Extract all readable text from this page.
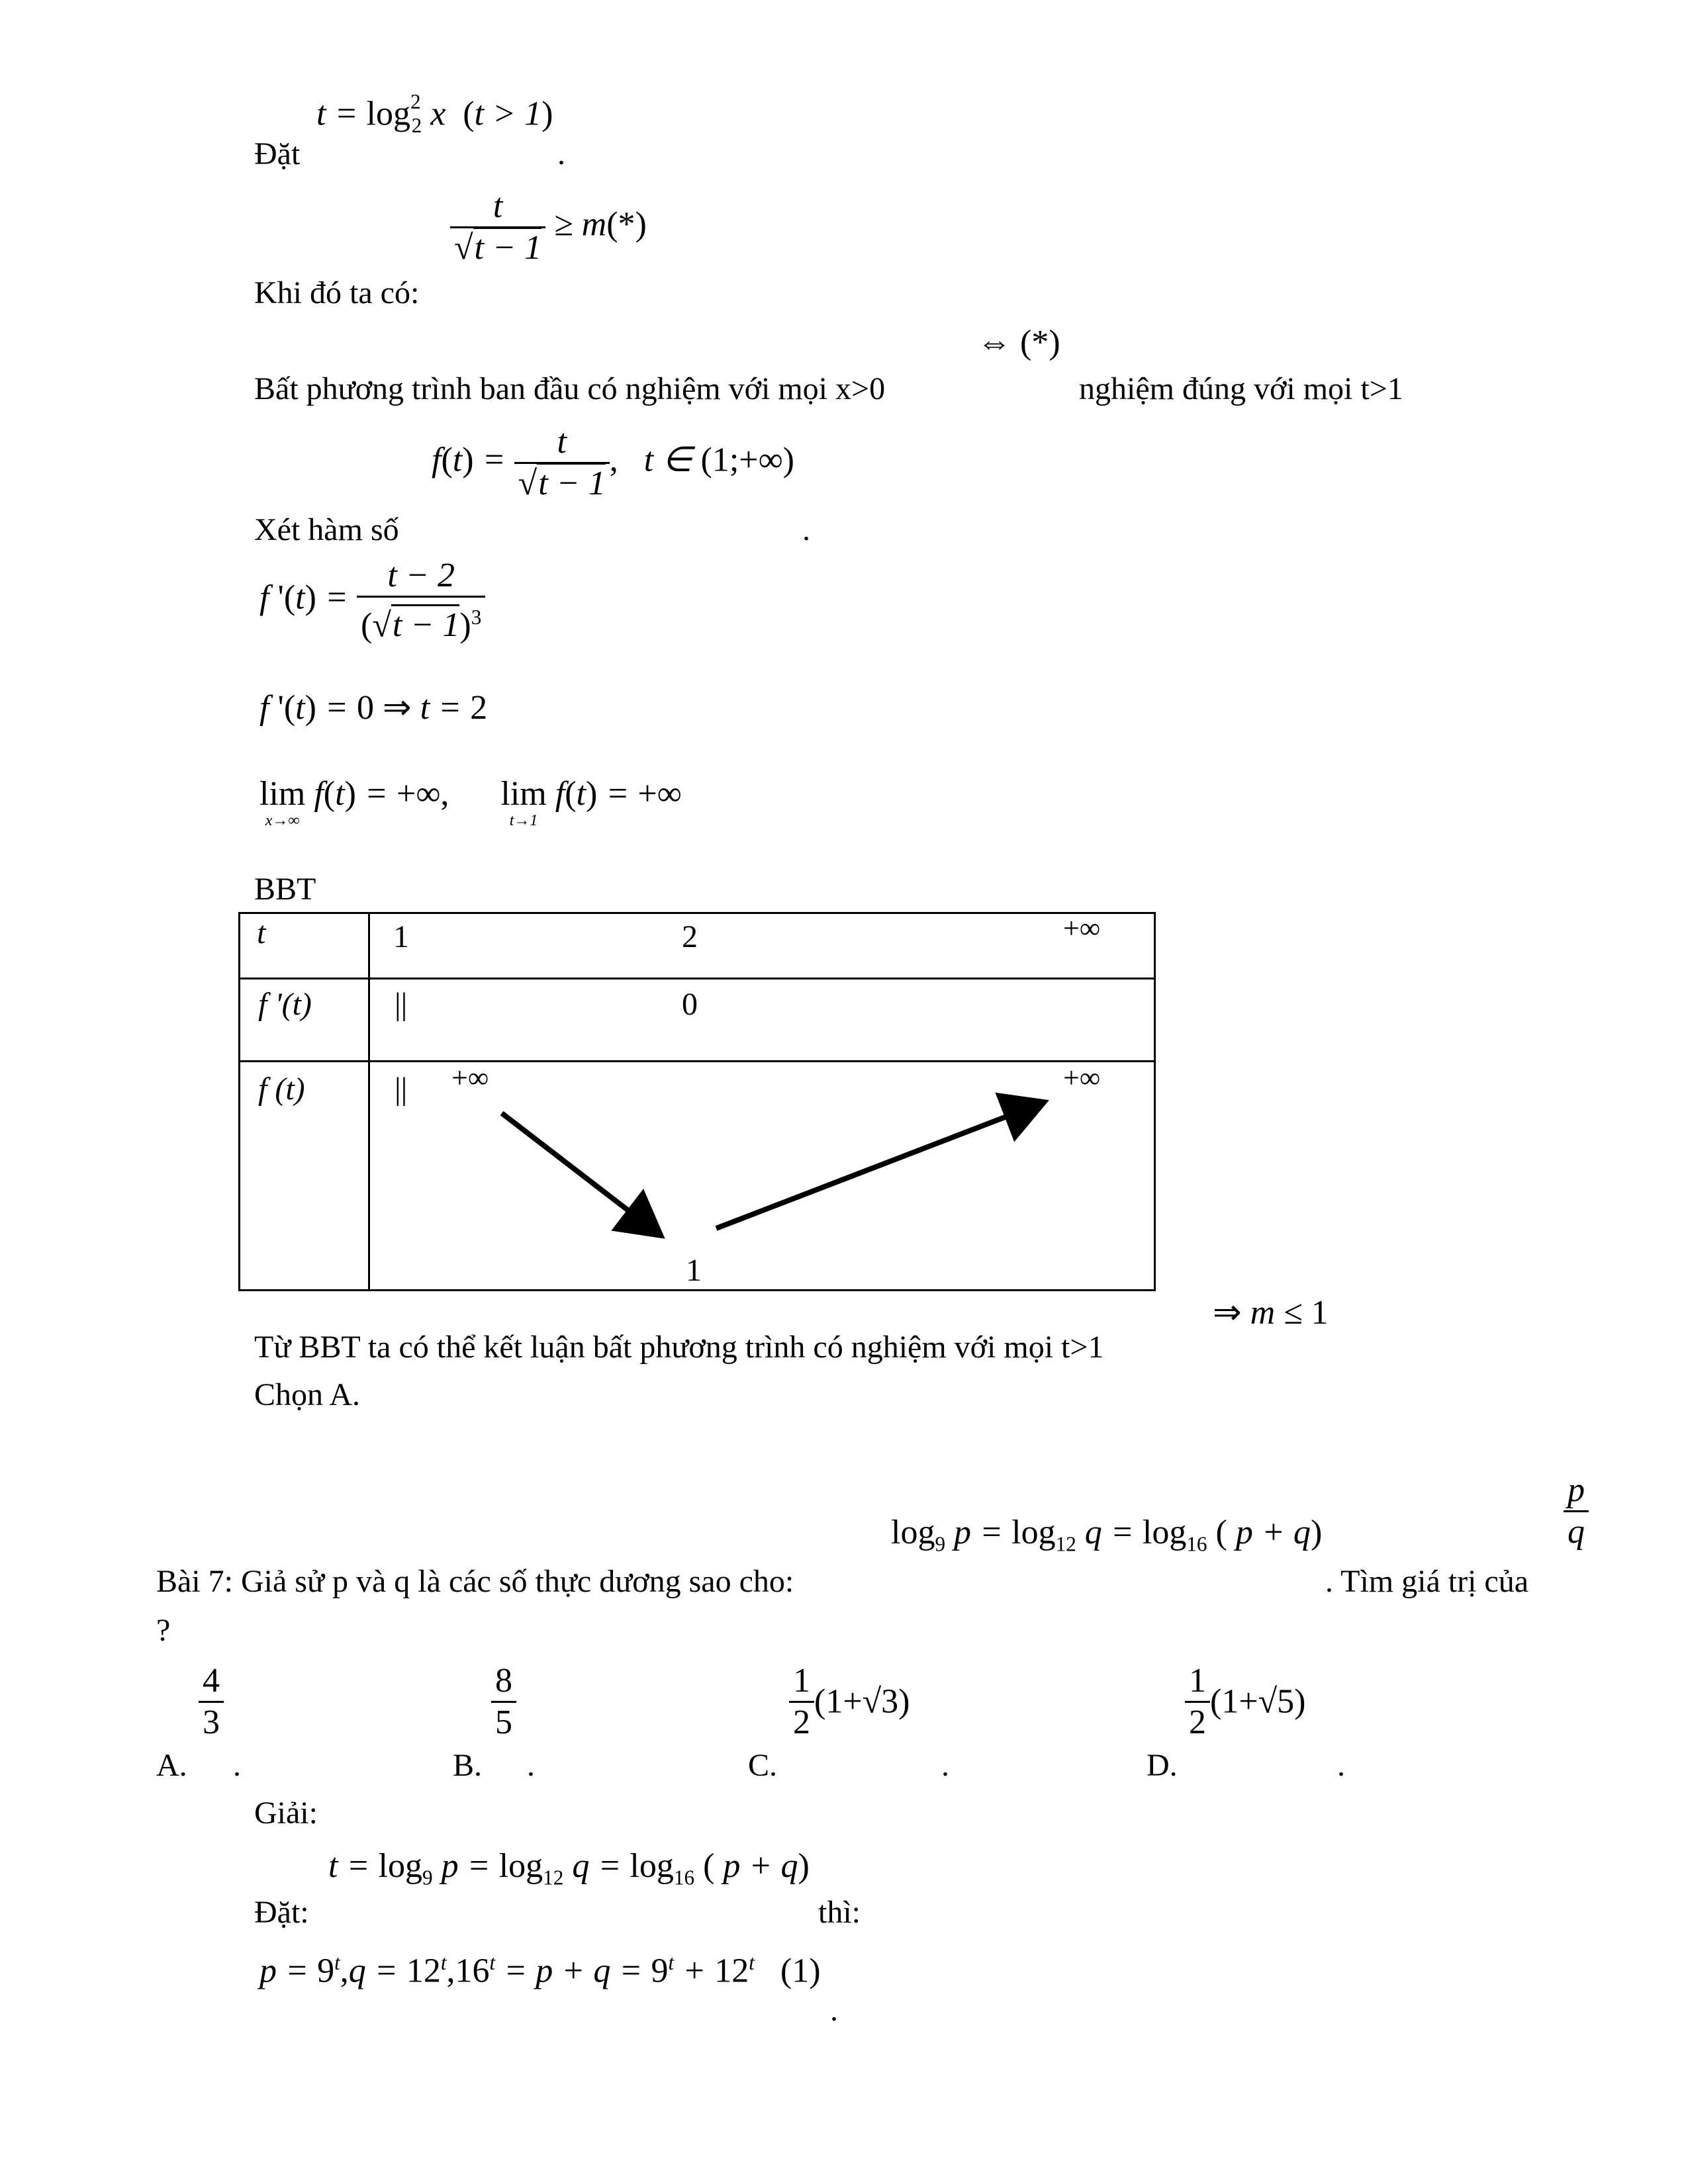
$t = \log^2_2 x$  (t > 1)
Đặt	.
$\frac{t}{√t - 1} \ge m(*)$
Khi đó ta có:
⇔ (*)
Bất phương trình ban đầu có nghiệm với mọi x>0	nghiệm đúng với mọi t>1
$f(t) = \frac{t}{√t - 1}$ ,   t ∈ (1;+∞)
Xét hàm số	.
f '$(t) = \frac{t - 2}{(√t - 1)^3}$
f '(t) = 0 ⇒ t = 2
lim

x→∞
f(t) = +∞, lim

t→1
f(t) = +∞
BBT
t	1	2	+∞
f '(t)	||	0
f (t)	|| +∞	+∞
1
⇒ m ≤ 1
Từ BBT ta có thể kết luận bất phương trình có nghiệm với mọi t>1
Chọn A.
$\frac{p}{q}$
$\log_9 p = \log_{12} q = \log_{16}$ ( p + q)
Bài 7: Giả sử p và q là các số thực dương sao cho:	. Tìm giá trị của
?
$\frac{4}{3}$
A. .
$\frac{8}{5}$
B. .
$\frac{1}{2} (1+√3)$
C.	.
$\frac{1}{2} (1+√5)$
D.	.
Giải:
$t = \log_9 p = \log_{12} q = \log_{16}$ ( p + q)
Đặt:	thì:
$p = 9^t,q = 12^t,16^t = p + q = 9^t + 12^t$ (1)
.
